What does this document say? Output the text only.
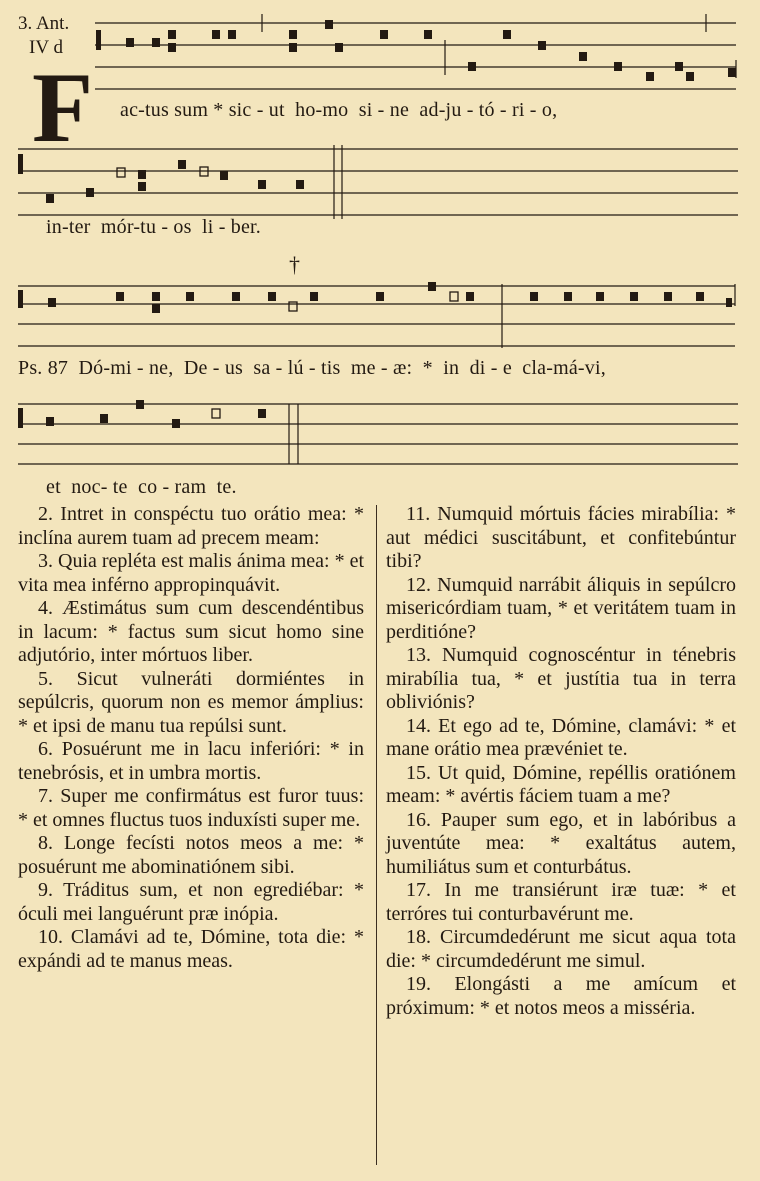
3. Ant.
IV d
F ac-tus sum * sic - ut  ho-mo  si - ne  ad-ju - tó - ri - o,
in-ter  mór-tu - os  li - ber.
†
Ps. 87  Dó-mi - ne,  De - us  sa - lú - tis  me - æ:  *  in  di - e  cla-má-vi,
et  noc- te  co - ram  te.

2. Intret in conspéctu tuo orátio mea: * inclína aurem tuam ad precem meam:

3. Quia repléta est malis ánima mea: * et vita mea inférno appropinquávit.

4. Æstimátus sum cum descendéntibus in lacum: * factus sum sicut homo sine adjutório, inter mórtuos liber.

5. Sicut vulneráti dormiéntes in sepúlcris, quorum non es memor ámplius: * et ipsi de manu tua repúlsi sunt.

6. Posuérunt me in lacu inferióri: * in tenebrósis, et in umbra mortis.

7. Super me confirmátus est furor tuus: * et omnes fluctus tuos induxísti super me.

8. Longe fecísti notos meos a me: * posuérunt me abominatiónem sibi.

9. Tráditus sum, et non egrediébar: * óculi mei languérunt præ inópia.

10. Clamávi ad te, Dómine, tota die: * expándi ad te manus meas.

11. Numquid mórtuis fácies mirabília: * aut médici suscitábunt, et confitebúntur tibi?

12. Numquid narrábit áliquis in sepúlcro misericórdiam tuam, * et veritátem tuam in perditióne?

13. Numquid cognoscéntur in ténebris mirabília tua, * et justítia tua in terra obliviónis?

14. Et ego ad te, Dómine, clamávi: * et mane orátio mea prævéniet te.

15. Ut quid, Dómine, repéllis oratiónem meam: * avértis fáciem tuam a me?

16. Pauper sum ego, et in labóribus a juventúte mea: * exaltátus autem, humiliátus sum et conturbátus.

17. In me transiérunt iræ tuæ: * et terróres tui conturbavérunt me.

18. Circumdedérunt me sicut aqua tota die: * circumdedérunt me simul.

19. Elongásti a me amícum et próximum: * et notos meos a misséria.
